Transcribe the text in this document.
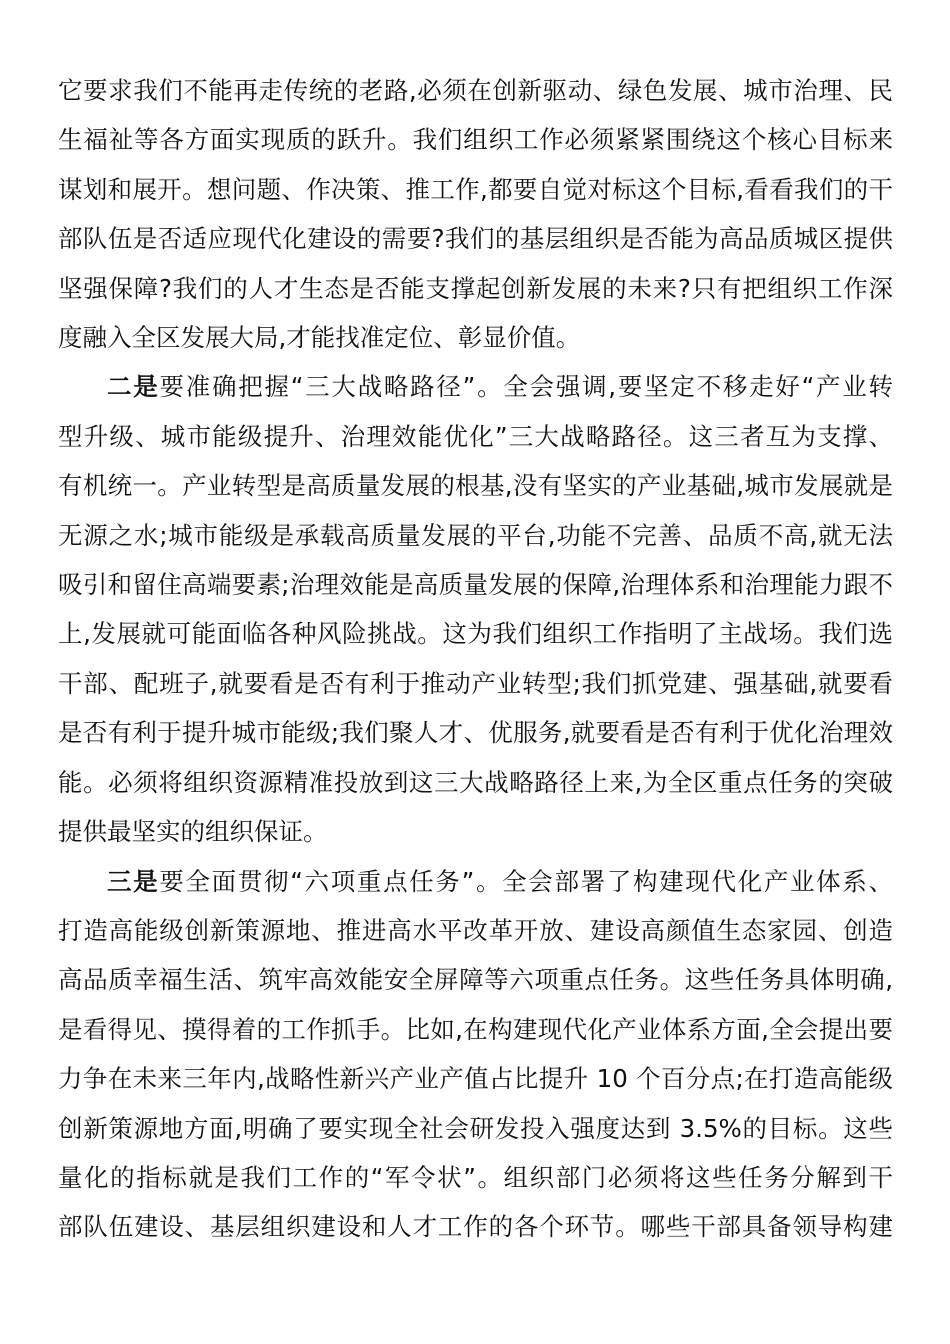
它要求我们不能再走传统的老路,必须在创新驱动、绿色发展、城市治理、民
生福祉等各方面实现质的跃升。我们组织工作必须紧紧围绕这个核心目标来
谋划和展开。想问题、作决策、推工作,都要自觉对标这个目标,看看我们的干
部队伍是否适应现代化建设的需要?我们的基层组织是否能为高品质城区提供
坚强保障?我们的人才生态是否能支撑起创新发展的未来?只有把组织工作深
度融入全区发展大局,才能找准定位、彰显价值。
二是要准确把握“三大战略路径”。全会强调,要坚定不移走好“产业转
型升级、城市能级提升、治理效能优化”三大战略路径。这三者互为支撑、
有机统一。产业转型是高质量发展的根基,没有坚实的产业基础,城市发展就是
无源之水;城市能级是承载高质量发展的平台,功能不完善、品质不高,就无法
吸引和留住高端要素;治理效能是高质量发展的保障,治理体系和治理能力跟不
上,发展就可能面临各种风险挑战。这为我们组织工作指明了主战场。我们选
干部、配班子,就要看是否有利于推动产业转型;我们抓党建、强基础,就要看
是否有利于提升城市能级;我们聚人才、优服务,就要看是否有利于优化治理效
能。必须将组织资源精准投放到这三大战略路径上来,为全区重点任务的突破
提供最坚实的组织保证。
三是要全面贯彻“六项重点任务”。全会部署了构建现代化产业体系、
打造高能级创新策源地、推进高水平改革开放、建设高颜值生态家园、创造
高品质幸福生活、筑牢高效能安全屏障等六项重点任务。这些任务具体明确,
是看得见、摸得着的工作抓手。比如,在构建现代化产业体系方面,全会提出要
力争在未来三年内,战略性新兴产业产值占比提升 10 个百分点;在打造高能级
创新策源地方面,明确了要实现全社会研发投入强度达到 3.5%的目标。这些
量化的指标就是我们工作的“军令状”。组织部门必须将这些任务分解到干
部队伍建设、基层组织建设和人才工作的各个环节。哪些干部具备领导构建
